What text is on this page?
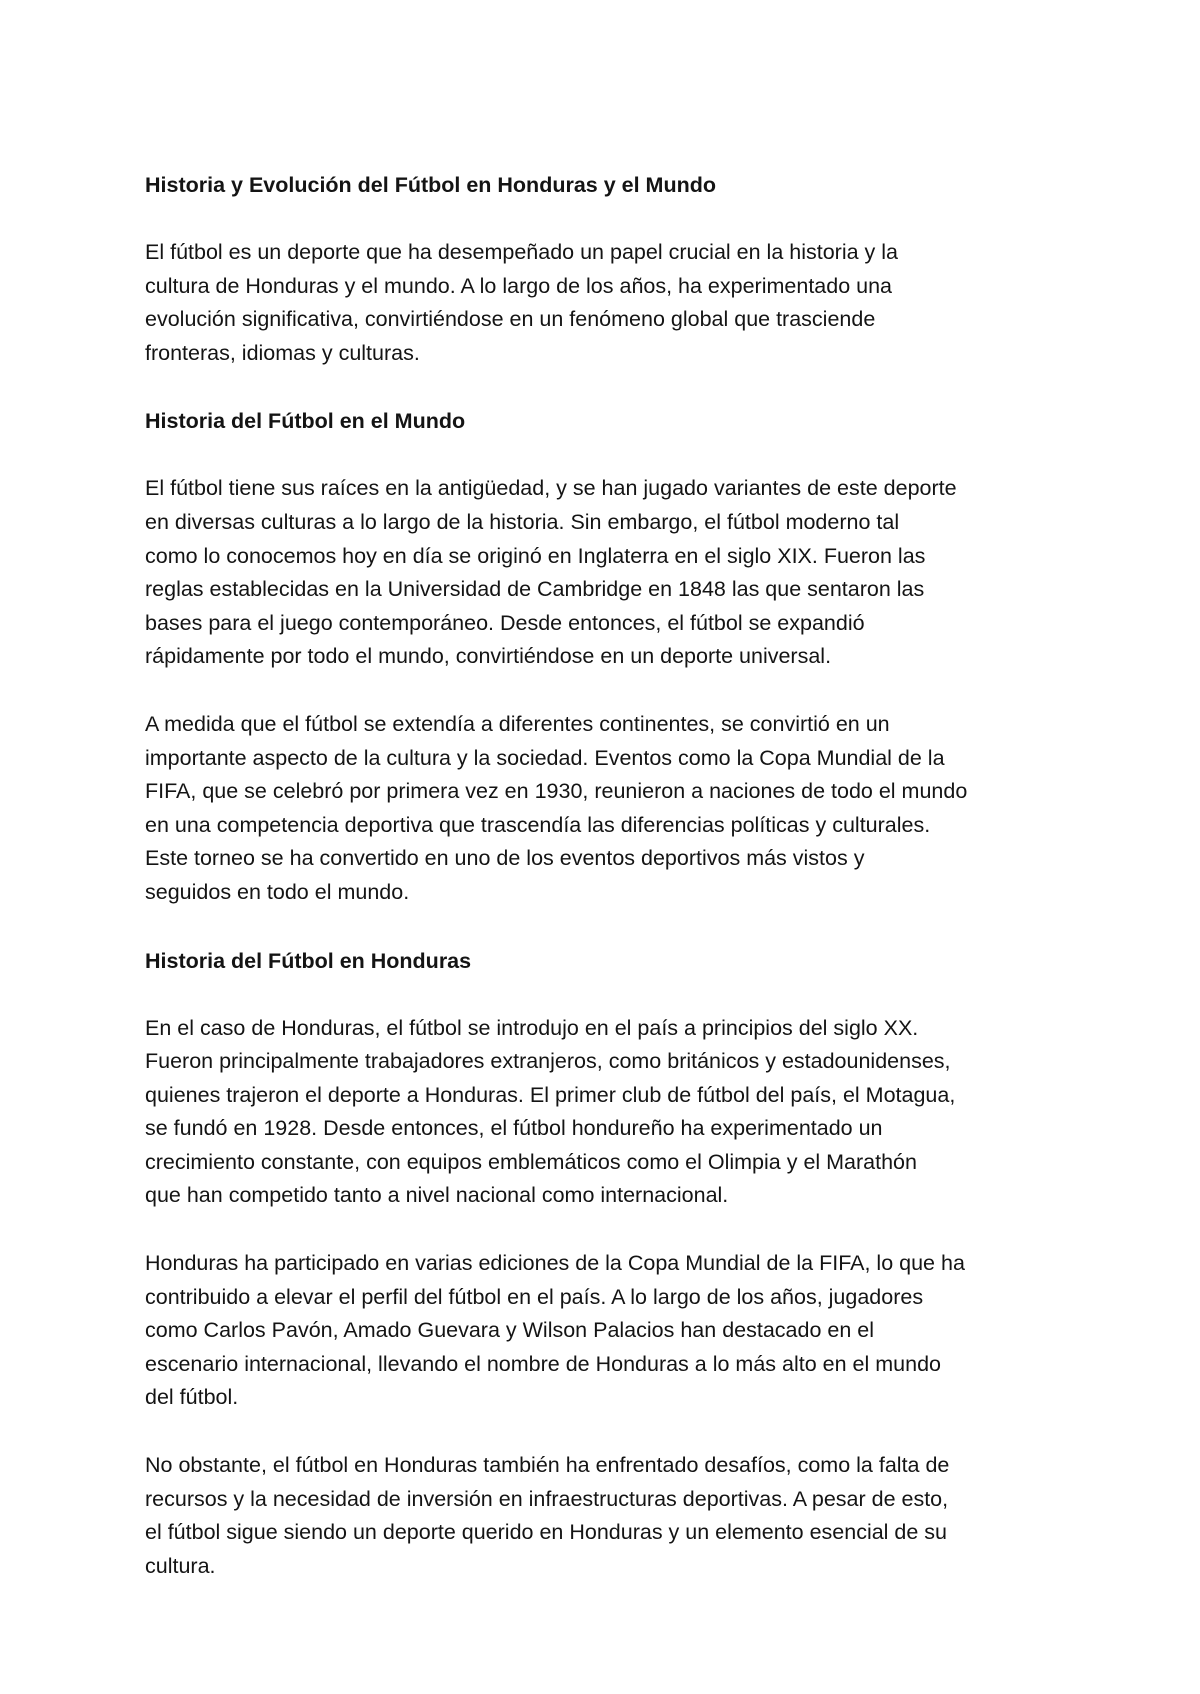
Historia y Evolución del Fútbol en Honduras y el Mundo
El fútbol es un deporte que ha desempeñado un papel crucial en la historia y la
cultura de Honduras y el mundo. A lo largo de los años, ha experimentado una
evolución significativa, convirtiéndose en un fenómeno global que trasciende
fronteras, idiomas y culturas.
Historia del Fútbol en el Mundo
El fútbol tiene sus raíces en la antigüedad, y se han jugado variantes de este deporte
en diversas culturas a lo largo de la historia. Sin embargo, el fútbol moderno tal
como lo conocemos hoy en día se originó en Inglaterra en el siglo XIX. Fueron las
reglas establecidas en la Universidad de Cambridge en 1848 las que sentaron las
bases para el juego contemporáneo. Desde entonces, el fútbol se expandió
rápidamente por todo el mundo, convirtiéndose en un deporte universal.
A medida que el fútbol se extendía a diferentes continentes, se convirtió en un
importante aspecto de la cultura y la sociedad. Eventos como la Copa Mundial de la
FIFA, que se celebró por primera vez en 1930, reunieron a naciones de todo el mundo
en una competencia deportiva que trascendía las diferencias políticas y culturales.
Este torneo se ha convertido en uno de los eventos deportivos más vistos y
seguidos en todo el mundo.
Historia del Fútbol en Honduras
En el caso de Honduras, el fútbol se introdujo en el país a principios del siglo XX.
Fueron principalmente trabajadores extranjeros, como británicos y estadounidenses,
quienes trajeron el deporte a Honduras. El primer club de fútbol del país, el Motagua,
se fundó en 1928. Desde entonces, el fútbol hondureño ha experimentado un
crecimiento constante, con equipos emblemáticos como el Olimpia y el Marathón
que han competido tanto a nivel nacional como internacional.
Honduras ha participado en varias ediciones de la Copa Mundial de la FIFA, lo que ha
contribuido a elevar el perfil del fútbol en el país. A lo largo de los años, jugadores
como Carlos Pavón, Amado Guevara y Wilson Palacios han destacado en el
escenario internacional, llevando el nombre de Honduras a lo más alto en el mundo
del fútbol.
No obstante, el fútbol en Honduras también ha enfrentado desafíos, como la falta de
recursos y la necesidad de inversión en infraestructuras deportivas. A pesar de esto,
el fútbol sigue siendo un deporte querido en Honduras y un elemento esencial de su
cultura.
